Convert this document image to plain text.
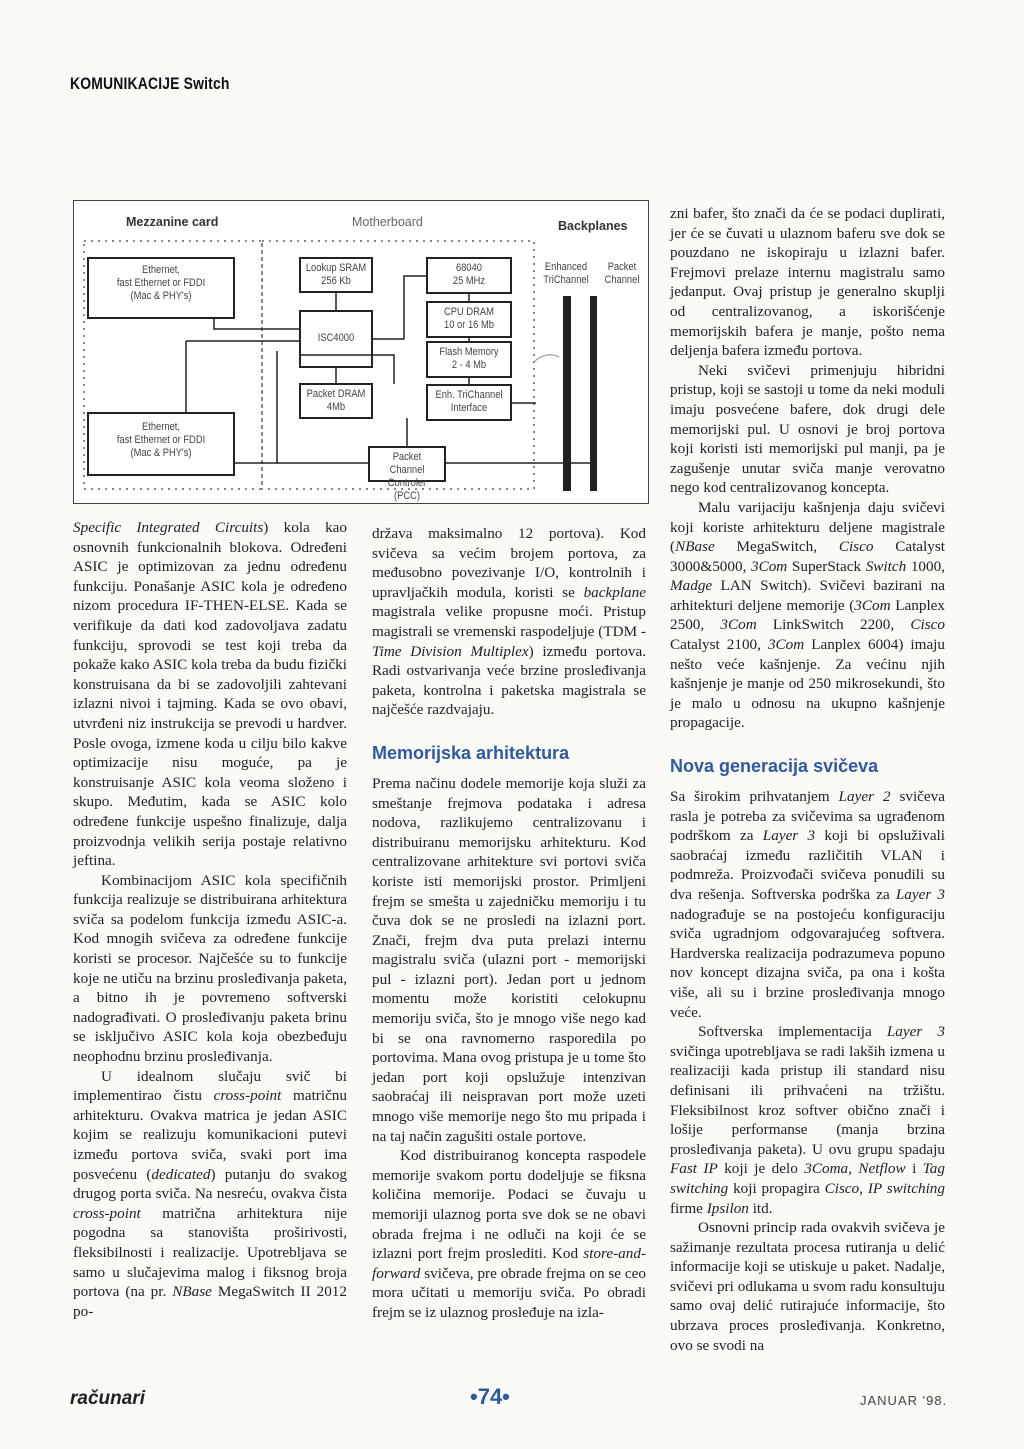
KOMUNIKACIJE Switch
Mezzanine card	Motherboard	Backplanes
Ethernet,
fast Ethernet or FDDI
(Mac & PHY's)
Ethernet,
fast Ethernet or FDDI
(Mac & PHY's)
Lookup SRAM
256 Kb
ISC4000
Packet DRAM
4Mb
68040
25 MHz
CPU DRAM
10 or 16 Mb
Flash Memory
2 - 4 Mb
Enh. TriChannel
Interface
Packet Channel
Controler (PCC)
Enhanced
TriChannel
Packet
Channel

Specific Integrated Circuits) kola kao osnovnih funkcionalnih blokova. Određeni ASIC je optimizovan za jednu određenu funkciju. Ponašanje ASIC kola je određeno nizom procedura IF-THEN-ELSE. Kada se verifikuje da dati kod zadovoljava zadatu funkciju, sprovodi se test koji treba da pokaže kako ASIC kola treba da budu fizički konstruisana da bi se zadovoljili zahtevani izlazni nivoi i tajming. Kada se ovo obavi, utvrđeni niz instrukcija se prevodi u hardver. Posle ovoga, izmene koda u cilju bilo kakve optimizacije nisu moguće, pa je konstruisanje ASIC kola veoma složeno i skupo. Međutim, kada se ASIC kolo određene funkcije uspešno finalizuje, dalja proizvodnja velikih serija postaje relativno jeftina.

Kombinacijom ASIC kola specifičnih funkcija realizuje se distribuirana arhitektura sviča sa podelom funkcija između ASIC-a. Kod mnogih svičeva za određene funkcije koristi se procesor. Najčešće su to funkcije koje ne utiču na brzinu prosleđivanja paketa, a bitno ih je povremeno softverski nadograđivati. O prosleđivanju paketa brinu se isključivo ASIC kola koja obezbeđuju neophodnu brzinu prosleđivanja.

U idealnom slučaju svič bi implementirao čistu cross-point matričnu arhitekturu. Ovakva matrica je jedan ASIC kojim se realizuju komunikacioni putevi između portova sviča, svaki port ima posvećenu (dedicated) putanju do svakog drugog porta sviča. Na nesreću, ovakva čista cross-point matrična arhitektura nije pogodna sa stanovišta proširivosti, fleksibilnosti i realizacije. Upotrebljava se samo u slučajevima malog i fiksnog broja portova (na pr. NBase MegaSwitch II 2012 po-

država maksimalno 12 portova). Kod svičeva sa većim brojem portova, za međusobno povezivanje I/O, kontrolnih i upravljačkih modula, koristi se backplane magistrala velike propusne moći. Pristup magistrali se vremenski raspodeljuje (TDM - Time Division Multiplex) između portova. Radi ostvarivanja veće brzine prosleđivanja paketa, kontrolna i paketska magistrala se najčešće razdvajaju.

Memorijska arhitektura

Prema načinu dodele memorije koja služi za smeštanje frejmova podataka i adresa nodova, razlikujemo centralizovanu i distribuiranu memorijsku arhitekturu. Kod centralizovane arhitekture svi portovi sviča koriste isti memorijski prostor. Primljeni frejm se smešta u zajedničku memoriju i tu čuva dok se ne prosledi na izlazni port. Znači, frejm dva puta prelazi internu magistralu sviča (ulazni port - memorijski pul - izlazni port). Jedan port u jednom momentu može koristiti celokupnu memoriju sviča, što je mnogo više nego kad bi se ona ravnomerno rasporedila po portovima. Mana ovog pristupa je u tome što jedan port koji opslužuje intenzivan saobraćaj ili neispravan port može uzeti mnogo više memorije nego što mu pripada i na taj način zagušiti ostale portove.

Kod distribuiranog koncepta raspodele memorije svakom portu dodeljuje se fiksna količina memorije. Podaci se čuvaju u memoriji ulaznog porta sve dok se ne obavi obrada frejma i ne odluči na koji će se izlazni port frejm proslediti. Kod store-and-forward svičeva, pre obrade frejma on se ceo mora učitati u memoriju sviča. Po obradi frejm se iz ulaznog prosleđuje na izla-

zni bafer, što znači da će se podaci duplirati, jer će se čuvati u ulaznom baferu sve dok se pouzdano ne iskopiraju u izlazni bafer. Frejmovi prelaze internu magistralu samo jedanput. Ovaj pristup je generalno skuplji od centralizovanog, a iskorišćenje memorijskih bafera je manje, pošto nema deljenja bafera između portova.

Neki svičevi primenjuju hibridni pristup, koji se sastoji u tome da neki moduli imaju posvećene bafere, dok drugi dele memorijski pul. U osnovi je broj portova koji koristi isti memorijski pul manji, pa je zagušenje unutar sviča manje verovatno nego kod centralizovanog koncepta.

Malu varijaciju kašnjenja daju svičevi koji koriste arhitekturu deljene magistrale (NBase MegaSwitch, Cisco Catalyst 3000&5000, 3Com SuperStack Switch 1000, Madge LAN Switch). Svičevi bazirani na arhitekturi deljene memorije (3Com Lanplex 2500, 3Com LinkSwitch 2200, Cisco Catalyst 2100, 3Com Lanplex 6004) imaju nešto veće kašnjenje. Za većinu njih kašnjenje je manje od 250 mikrosekundi, što je malo u odnosu na ukupno kašnjenje propagacije.

Nova generacija svičeva

Sa širokim prihvatanjem Layer 2 svičeva rasla je potreba za svičevima sa ugrađenom podrškom za Layer 3 koji bi opsluživali saobraćaj između različitih VLAN i podmreža. Proizvođači svičeva ponudili su dva rešenja. Softverska podrška za Layer 3 nadograđuje se na postojeću konfiguraciju sviča ugradnjom odgovarajućeg softvera. Hardverska realizacija podrazumeva popuno nov koncept dizajna sviča, pa ona i košta više, ali su i brzine prosleđivanja mnogo veće.

Softverska implementacija Layer 3 svičinga upotrebljava se radi lakših izmena u realizaciji kada pristup ili standard nisu definisani ili prihvaćeni na tržištu. Fleksibilnost kroz softver obično znači i lošije performanse (manja brzina prosleđivanja paketa). U ovu grupu spadaju Fast IP koji je delo 3Coma, Netflow i Tag switching koji propagira Cisco, IP switching firme Ipsilon itd.

Osnovni princip rada ovakvih svičeva je sažimanje rezultata procesa rutiranja u delić informacije koji se utiskuje u paket. Nadalje, svičevi pri odlukama u svom radu konsultuju samo ovaj delić rutirajuće informacije, što ubrzava proces prosleđivanja. Konkretno, ovo se svodi na

računari	•74•	JANUAR '98.
